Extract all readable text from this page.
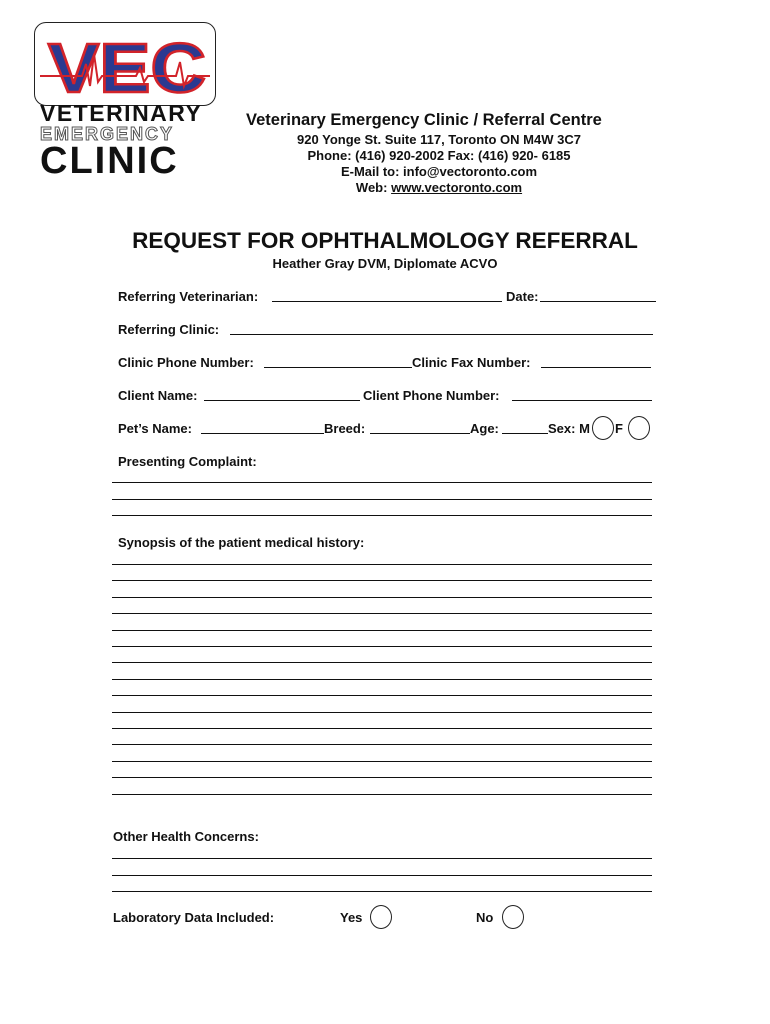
VEC
VETERINARY
EMERGENCY
CLINIC
Veterinary Emergency Clinic / Referral Centre
920 Yonge St. Suite 117, Toronto ON M4W 3C7
Phone: (416) 920-2002 Fax: (416) 920- 6185
E-Mail to: info@vectoronto.com
Web: www.vectoronto.com
REQUEST FOR OPHTHALMOLOGY REFERRAL
Heather Gray DVM, Diplomate ACVO
Referring Veterinarian:	Date:
Referring Clinic:
Clinic Phone Number:	Clinic Fax Number:
Client Name:	Client Phone Number:
Pet’s Name:	Breed:	Age:	Sex: M F
Presenting Complaint:
Synopsis of the patient medical history:
Other Health Concerns:
Laboratory Data Included:	Yes	No
